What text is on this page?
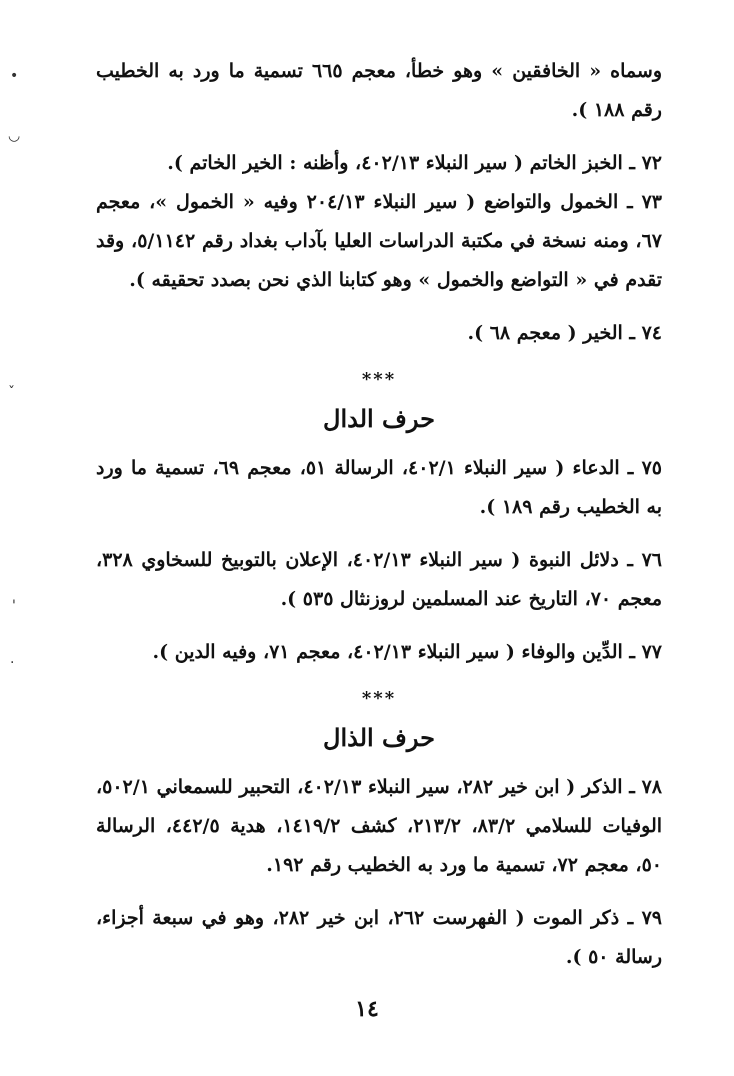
وسماه « الخافقين » وهو خطأ، معجم ٦٦٥ تسمية ما ورد به الخطيب رقم ١٨٨ ).

٧٢ ـ الخبز الخاتم ( سير النبلاء ٤٠٢/١٣، وأظنه : الخير الخاتم ).

٧٣ ـ الخمول والتواضع ( سير النبلاء ٢٠٤/١٣ وفيه « الخمول »، معجم ٦٧، ومنه نسخة في مكتبة الدراسات العليا بآداب بغداد رقم ٥/١١٤٢، وقد تقدم في « التواضع والخمول » وهو كتابنا الذي نحن بصدد تحقيقه ).

٧٤ ـ الخير ( معجم ٦٨ ).

***
حرف الدال

٧٥ ـ الدعاء ( سير النبلاء ٤٠٢/١، الرسالة ٥١، معجم ٦٩، تسمية ما ورد به الخطيب رقم ١٨٩ ).

٧٦ ـ دلائل النبوة ( سير النبلاء ٤٠٢/١٣، الإعلان بالتوبيخ للسخاوي ٣٢٨، معجم ٧٠، التاريخ عند المسلمين لروزنثال ٥٣٥ ).

٧٧ ـ الدِّين والوفاء ( سير النبلاء ٤٠٢/١٣، معجم ٧١، وفيه الدين ).

***
حرف الذال

٧٨ ـ الذكر ( ابن خير ٢٨٢، سير النبلاء ٤٠٢/١٣، التحبير للسمعاني ٥٠٢/١، الوفيات للسلامي ٨٣/٢، ٢١٣/٢، كشف ١٤١٩/٢، هدية ٤٤٢/٥، الرسالة ٥٠، معجم ٧٢، تسمية ما ورد به الخطيب رقم ١٩٢.

٧٩ ـ ذكر الموت ( الفهرست ٢٦٢، ابن خير ٢٨٢، وهو في سبعة أجزاء، رسالة ٥٠ ).

١٤
•
◡
ˇ
'
·
